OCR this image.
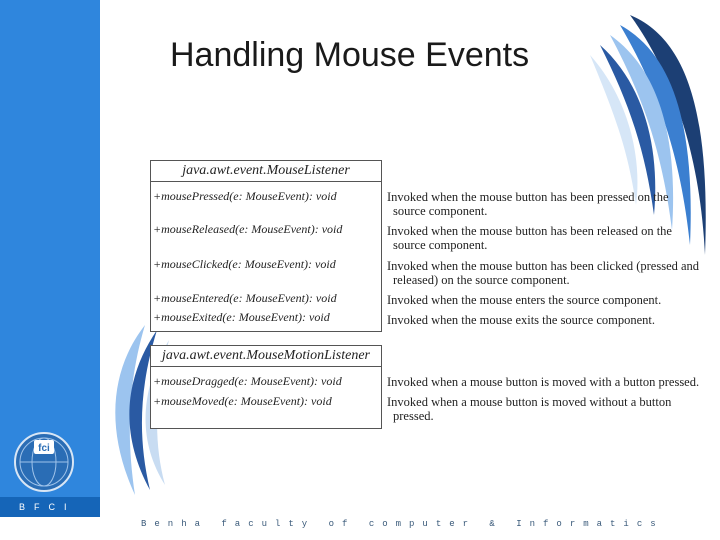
BFCI
fci
Handling Mouse Events
java.awt.event.MouseListener
+mousePressed(e: MouseEvent): void
+mouseReleased(e: MouseEvent): void
+mouseClicked(e: MouseEvent): void
+mouseEntered(e: MouseEvent): void
+mouseExited(e: MouseEvent): void
Invoked when the mouse button has been pressed on the
source component.
Invoked when the mouse button has been released on the
source component.
Invoked when the mouse button has been clicked (pressed and
released) on the source component.
Invoked when the mouse enters the source component.
Invoked when the mouse exits the source component.
java.awt.event.MouseMotionListener
+mouseDragged(e: MouseEvent): void
+mouseMoved(e: MouseEvent): void
Invoked when a mouse button is moved with a button pressed.
Invoked when a mouse button is moved without a button
pressed.
Benha faculty of computer & Informatics
